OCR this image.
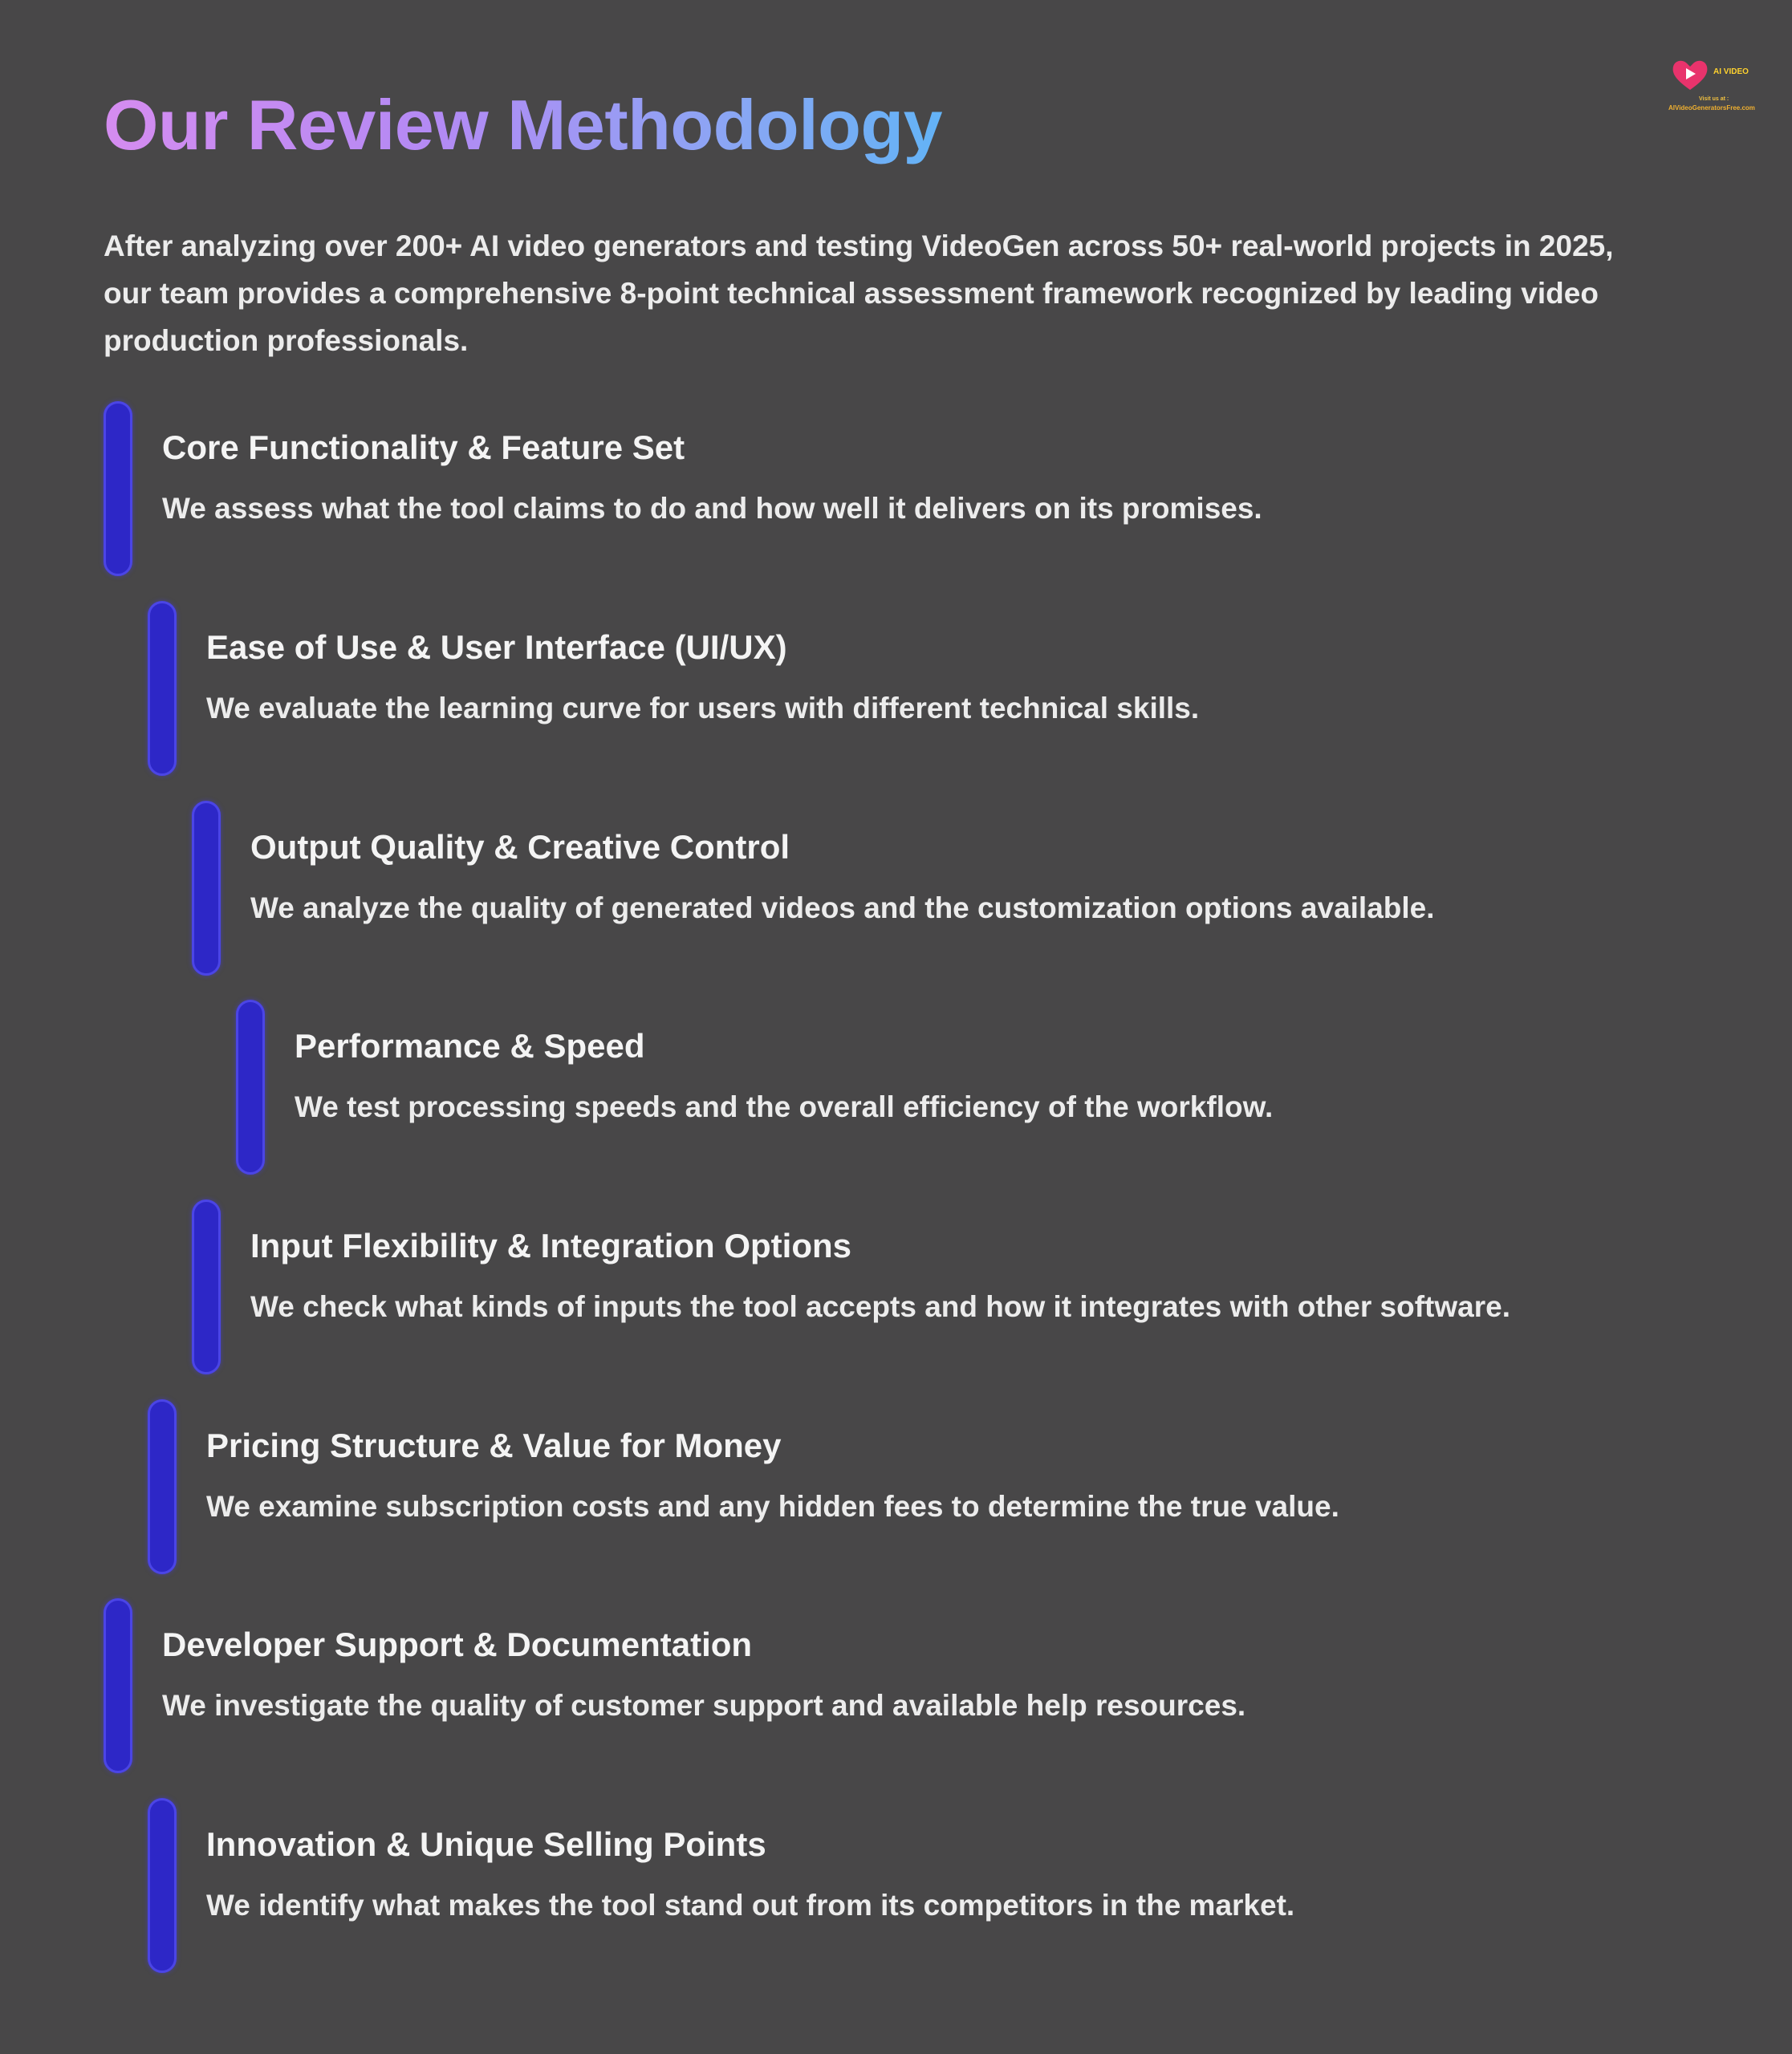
Our Review Methodology
AI VIDEO
Visit us at :
AIVideoGeneratorsFree.com

After analyzing over 200+ AI video generators and testing VideoGen across 50+ real-world projects in 2025, our team provides a comprehensive 8-point technical assessment framework recognized by leading video production professionals.

Core Functionality & Feature Set

We assess what the tool claims to do and how well it delivers on its promises.

Ease of Use & User Interface (UI/UX)

We evaluate the learning curve for users with different technical skills.

Output Quality & Creative Control

We analyze the quality of generated videos and the customization options available.

Performance & Speed

We test processing speeds and the overall efficiency of the workflow.

Input Flexibility & Integration Options

We check what kinds of inputs the tool accepts and how it integrates with other software.

Pricing Structure & Value for Money

We examine subscription costs and any hidden fees to determine the true value.

Developer Support & Documentation

We investigate the quality of customer support and available help resources.

Innovation & Unique Selling Points

We identify what makes the tool stand out from its competitors in the market.
